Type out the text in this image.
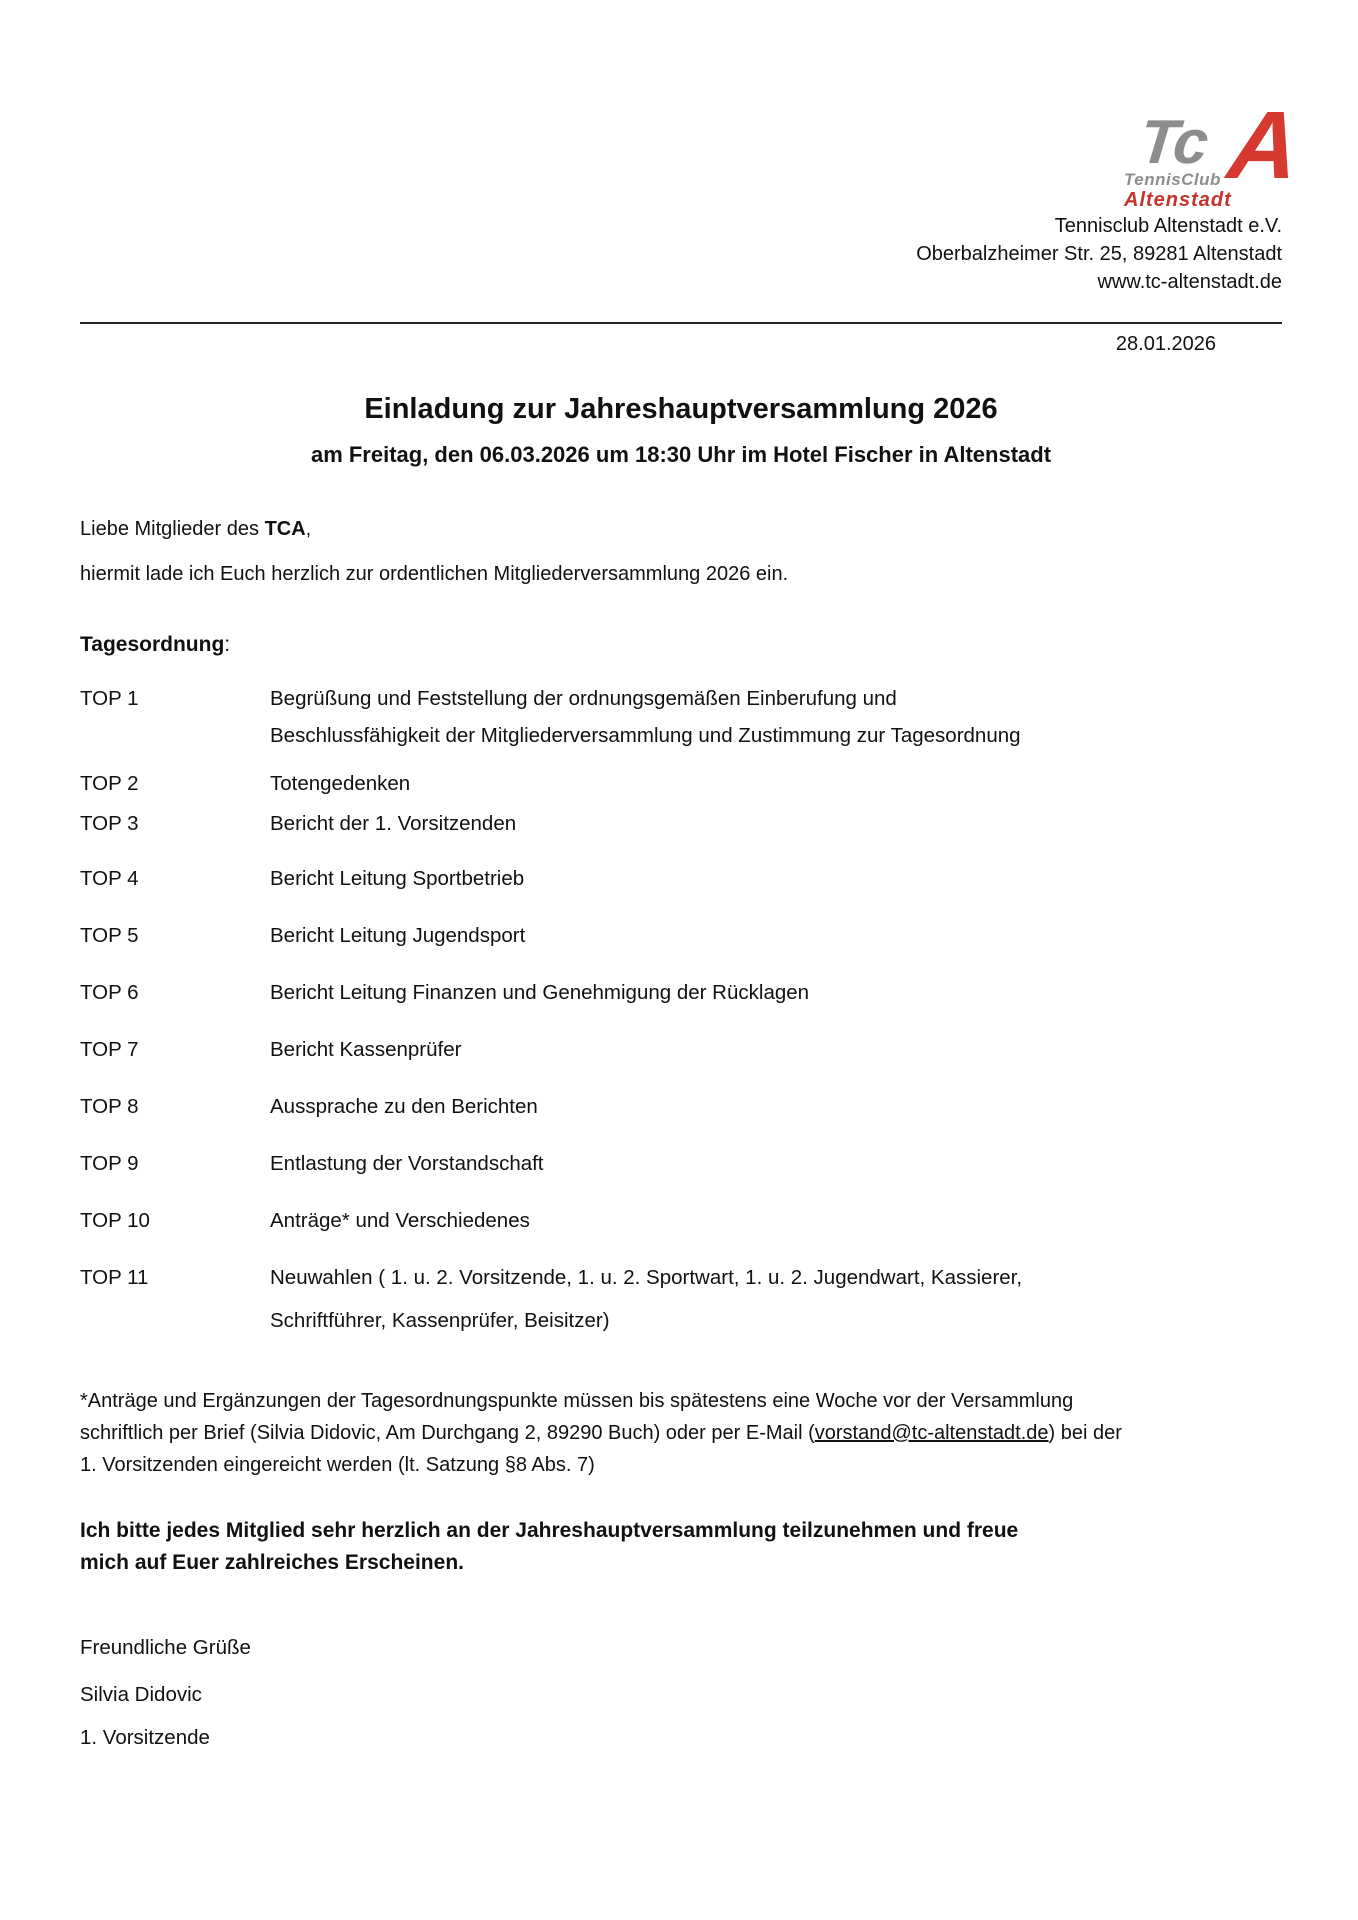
Tc A
TennisClub
Altenstadt
Tennisclub Altenstadt e.V.
Oberbalzheimer Str. 25, 89281 Altenstadt
www.tc-altenstadt.de
28.01.2026
Einladung zur Jahreshauptversammlung 2026
am Freitag, den 06.03.2026 um 18:30 Uhr im Hotel Fischer in Altenstadt

Liebe Mitglieder des TCA,

hiermit lade ich Euch herzlich zur ordentlichen Mitgliederversammlung 2026 ein.

Tagesordnung:

TOP 1	Begrüßung und Feststellung der ordnungsgemäßen Einberufung und
Beschlussfähigkeit der Mitgliederversammlung und Zustimmung zur Tagesordnung
TOP 2	Totengedenken
TOP 3	Bericht der 1. Vorsitzenden
TOP 4	Bericht Leitung Sportbetrieb
TOP 5	Bericht Leitung Jugendsport
TOP 6	Bericht Leitung Finanzen und Genehmigung der Rücklagen
TOP 7	Bericht Kassenprüfer
TOP 8	Aussprache zu den Berichten
TOP 9	Entlastung der Vorstandschaft
TOP 10	Anträge* und Verschiedenes
TOP 11	Neuwahlen ( 1. u. 2. Vorsitzende, 1. u. 2. Sportwart, 1. u. 2. Jugendwart, Kassierer,
Schriftführer, Kassenprüfer, Beisitzer)
*Anträge und Ergänzungen der Tagesordnungspunkte müssen bis spätestens eine Woche vor der Versammlung
schriftlich per Brief (Silvia Didovic, Am Durchgang 2, 89290 Buch) oder per E-Mail (vorstand@tc-altenstadt.de) bei der
1. Vorsitzenden eingereicht werden (lt. Satzung §8 Abs. 7)
Ich bitte jedes Mitglied sehr herzlich an der Jahreshauptversammlung teilzunehmen und freue
mich auf Euer zahlreiches Erscheinen.

Freundliche Grüße

Silvia Didovic

1. Vorsitzende
